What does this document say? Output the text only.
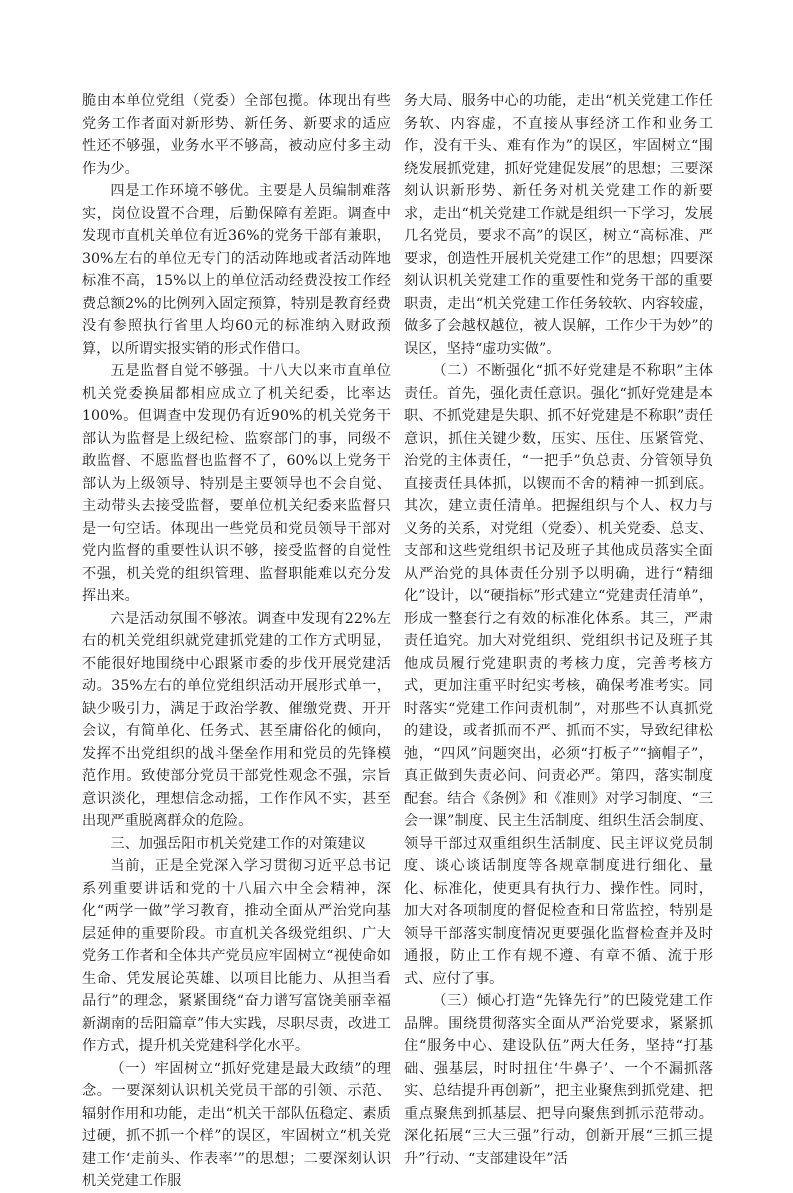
脆由本单位党组（党委）全部包揽。体现出有些党务工作者面对新形势、新任务、新要求的适应性还不够强，业务水平不够高，被动应付多主动作为少。

四是工作环境不够优。主要是人员编制难落实，岗位设置不合理，后勤保障有差距。调查中发现市直机关单位有近36%的党务干部有兼职，30%左右的单位无专门的活动阵地或者活动阵地标准不高，15%以上的单位活动经费没按工作经费总额2%的比例列入固定预算，特别是教育经费没有参照执行省里人均60元的标准纳入财政预算，以所谓实报实销的形式作借口。

五是监督自觉不够强。十八大以来市直单位机关党委换届都相应成立了机关纪委，比率达100%。但调查中发现仍有近90%的机关党务干部认为监督是上级纪检、监察部门的事，同级不敢监督、不愿监督也监督不了，60%以上党务干部认为上级领导、特别是主要领导也不会自觉、主动带头去接受监督，要单位机关纪委来监督只是一句空话。体现出一些党员和党员领导干部对党内监督的重要性认识不够，接受监督的自觉性不强，机关党的组织管理、监督职能难以充分发挥出来。

六是活动氛围不够浓。调查中发现有22%左右的机关党组织就党建抓党建的工作方式明显，不能很好地围绕中心跟紧市委的步伐开展党建活动。35%左右的单位党组织活动开展形式单一，缺少吸引力，满足于政治学教、催缴党费、开开会议，有简单化、任务式、甚至庸俗化的倾向，发挥不出党组织的战斗堡垒作用和党员的先锋模范作用。致使部分党员干部党性观念不强，宗旨意识淡化，理想信念动摇，工作作风不实，甚至出现严重脱离群众的危险。

三、加强岳阳市机关党建工作的对策建议

当前，正是全党深入学习贯彻习近平总书记系列重要讲话和党的十八届六中全会精神，深化“两学一做”学习教育，推动全面从严治党向基层延伸的重要阶段。市直机关各级党组织、广大党务工作者和全体共产党员应牢固树立“视使命如生命、凭发展论英雄、以项目比能力、从担当看品行”的理念，紧紧围绕“奋力谱写富饶美丽幸福新湖南的岳阳篇章”伟大实践，尽职尽责，改进工作方式，提升机关党建科学化水平。

（一）牢固树立“抓好党建是最大政绩”的理念。一要深刻认识机关党员干部的引领、示范、辐射作用和功能，走出“机关干部队伍稳定、素质过硬，抓不抓一个样”的误区，牢固树立“机关党建工作‘走前头、作表率’”的思想；二要深刻认识机关党建工作服

务大局、服务中心的功能，走出“机关党建工作任务软、内容虚，不直接从事经济工作和业务工作，没有干头、难有作为”的误区，牢固树立“围绕发展抓党建，抓好党建促发展”的思想；三要深刻认识新形势、新任务对机关党建工作的新要求，走出“机关党建工作就是组织一下学习，发展几名党员，要求不高”的误区，树立“高标准、严要求，创造性开展机关党建工作”的思想；四要深刻认识机关党建工作的重要性和党务干部的重要职责，走出“机关党建工作任务较软、内容较虚，做多了会越权越位，被人误解，工作少干为妙”的误区，坚持“虚功实做”。

（二）不断强化“抓不好党建是不称职”主体责任。首先，强化责任意识。强化“抓好党建是本职、不抓党建是失职、抓不好党建是不称职”责任意识，抓住关键少数，压实、压住、压紧管党、治党的主体责任，“一把手”负总责、分管领导负直接责任具体抓，以锲而不舍的精神一抓到底。其次，建立责任清单。把握组织与个人、权力与义务的关系，对党组（党委）、机关党委、总支、支部和这些党组织书记及班子其他成员落实全面从严治党的具体责任分别予以明确，进行“精细化”设计，以“硬指标”形式建立“党建责任清单”，形成一整套行之有效的标准化体系。其三，严肃责任追究。加大对党组织、党组织书记及班子其他成员履行党建职责的考核力度，完善考核方式，更加注重平时纪实考核，确保考准考实。同时落实“党建工作问责机制”，对那些不认真抓党的建设，或者抓而不严、抓而不实，导致纪律松弛，“四风”问题突出，必须“打板子”“摘帽子”，真正做到失责必问、问责必严。第四，落实制度配套。结合《条例》和《准则》对学习制度、“三会一课”制度、民主生活制度、组织生活会制度、领导干部过双重组织生活制度、民主评议党员制度、谈心谈话制度等各规章制度进行细化、量化、标准化，使更具有执行力、操作性。同时，加大对各项制度的督促检查和日常监控，特别是领导干部落实制度情况更要强化监督检查并及时通报，防止工作有规不遵、有章不循、流于形式、应付了事。

（三）倾心打造“先锋先行”的巴陵党建工作品牌。围绕贯彻落实全面从严治党要求，紧紧抓住“服务中心、建设队伍”两大任务，坚持“打基础、强基层，时时扭住‘牛鼻子’、一个不漏抓落实、总结提升再创新”，把主业聚焦到抓党建、把重点聚焦到抓基层、把导向聚焦到抓示范带动。深化拓展“三大三强”行动，创新开展“三抓三提升”行动、“支部建设年”活
